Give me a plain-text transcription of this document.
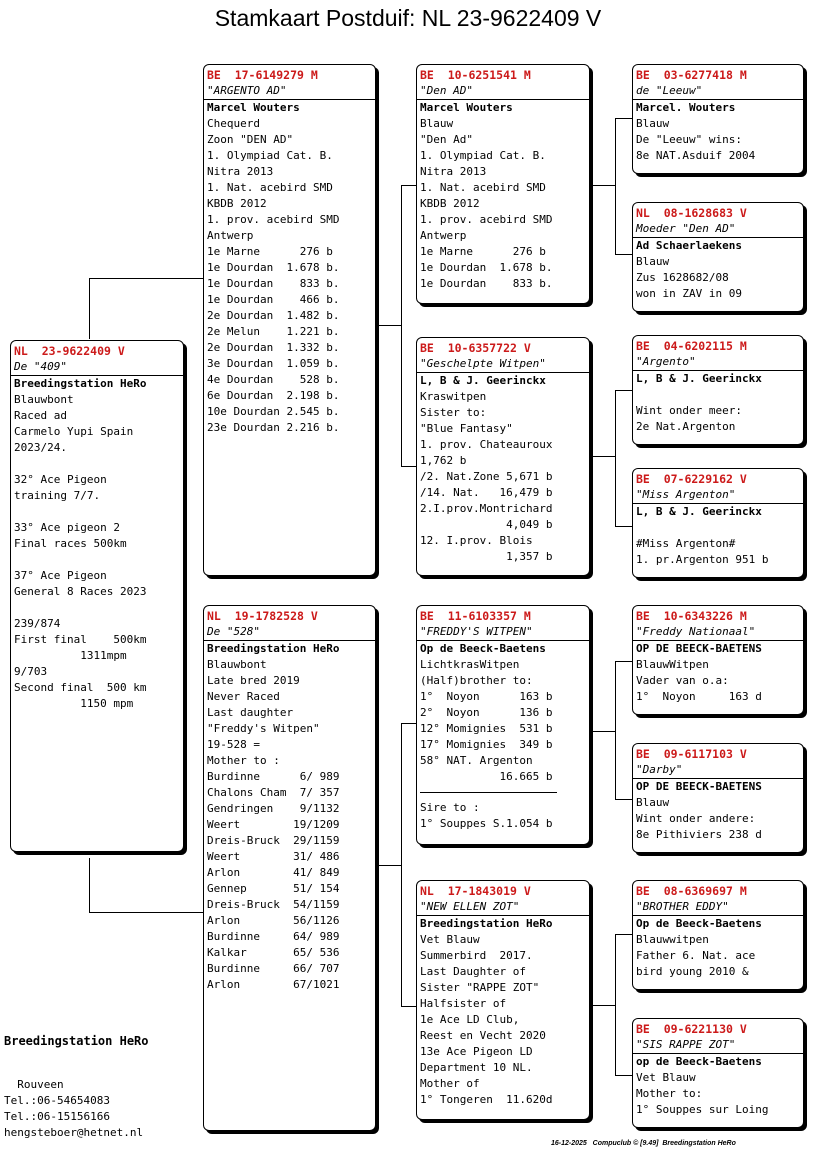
Stamkaart Postduif: NL 23-9622409 V
NL  23-9622409 V
De "409"
Breedingstation HeRo
Blauwbont
Raced ad
Carmelo Yupi Spain
2023/24.
32° Ace Pigeon
training 7/7.
33° Ace pigeon 2
Final races 500km
37° Ace Pigeon
General 8 Races 2023
239/874
First final    500km
1311mpm
9/703
Second final  500 km
1150 mpm
BE  17-6149279 M
"ARGENTO AD"
Marcel Wouters
Chequerd
Zoon "DEN AD"
1. Olympiad Cat. B.
Nitra 2013
1. Nat. acebird SMD
KBDB 2012
1. prov. acebird SMD
Antwerp
1e Marne      276 b
1e Dourdan  1.678 b.
1e Dourdan    833 b.
1e Dourdan    466 b.
2e Dourdan  1.482 b.
2e Melun    1.221 b.
2e Dourdan  1.332 b.
3e Dourdan  1.059 b.
4e Dourdan    528 b.
6e Dourdan  2.198 b.
10e Dourdan 2.545 b.
23e Dourdan 2.216 b.
NL  19-1782528 V
De "528"
Breedingstation HeRo
Blauwbont
Late bred 2019
Never Raced
Last daughter
"Freddy's Witpen"
19-528 =
Mother to :
Burdinne      6/ 989
Chalons Cham  7/ 357
Gendringen    9/1132
Weert        19/1209
Dreis-Bruck  29/1159
Weert        31/ 486
Arlon        41/ 849
Gennep       51/ 154
Dreis-Bruck  54/1159
Arlon        56/1126
Burdinne     64/ 989
Kalkar       65/ 536
Burdinne     66/ 707
Arlon        67/1021
BE  10-6251541 M
"Den AD"
Marcel Wouters
Blauw
"Den Ad"
1. Olympiad Cat. B.
Nitra 2013
1. Nat. acebird SMD
KBDB 2012
1. prov. acebird SMD
Antwerp
1e Marne      276 b
1e Dourdan  1.678 b.
1e Dourdan    833 b.
BE  10-6357722 V
"Geschelpte Witpen"
L, B & J. Geerinckx
Kraswitpen
Sister to:
"Blue Fantasy"
1. prov. Chateauroux
1,762 b
/2. Nat.Zone 5,671 b
/14. Nat.   16,479 b
2.I.prov.Montrichard
4,049 b
12. I.prov. Blois
1,357 b
BE  11-6103357 M
"FREDDY'S WITPEN"
Op de Beeck-Baetens
LichtkrasWitpen
(Half)brother to:
1°  Noyon      163 b
2°  Noyon      136 b
12° Momignies  531 b
17° Momignies  349 b
58° NAT. Argenton
16.665 b
Sire to :
1° Souppes S.1.054 b
NL  17-1843019 V
"NEW ELLEN ZOT"
Breedingstation HeRo
Vet Blauw
Summerbird  2017.
Last Daughter of
Sister "RAPPE ZOT"
Halfsister of
1e Ace LD Club,
Reest en Vecht 2020
13e Ace Pigeon LD
Department 10 NL.
Mother of
1° Tongeren  11.620d
BE  03-6277418 M
de "Leeuw"
Marcel. Wouters
Blauw
De "Leeuw" wins:
8e NAT.Asduif 2004
NL  08-1628683 V
Moeder "Den AD"
Ad Schaerlaekens
Blauw
Zus 1628682/08
won in ZAV in 09
BE  04-6202115 M
"Argento"
L, B & J. Geerinckx
Wint onder meer:
2e Nat.Argenton
BE  07-6229162 V
"Miss Argenton"
L, B & J. Geerinckx
#Miss Argenton#
1. pr.Argenton 951 b
BE  10-6343226 M
"Freddy Nationaal"
OP DE BEECK-BAETENS
BlauwWitpen
Vader van o.a:
1°  Noyon     163 d
BE  09-6117103 V
"Darby"
OP DE BEECK-BAETENS
Blauw
Wint onder andere:
8e Pithiviers 238 d
BE  08-6369697 M
"BROTHER EDDY"
Op de Beeck-Baetens
Blauwwitpen
Father 6. Nat. ace
bird young 2010 &
BE  09-6221130 V
"SIS RAPPE ZOT"
op de Beeck-Baetens
Vet Blauw
Mother to:
1° Souppes sur Loing
Breedingstation HeRo
Rouveen
Tel.:06-54654083
Tel.:06-15156166
hengsteboer@hetnet.nl
16-12-2025   Compuclub © [9.49]  Breedingstation HeRo
